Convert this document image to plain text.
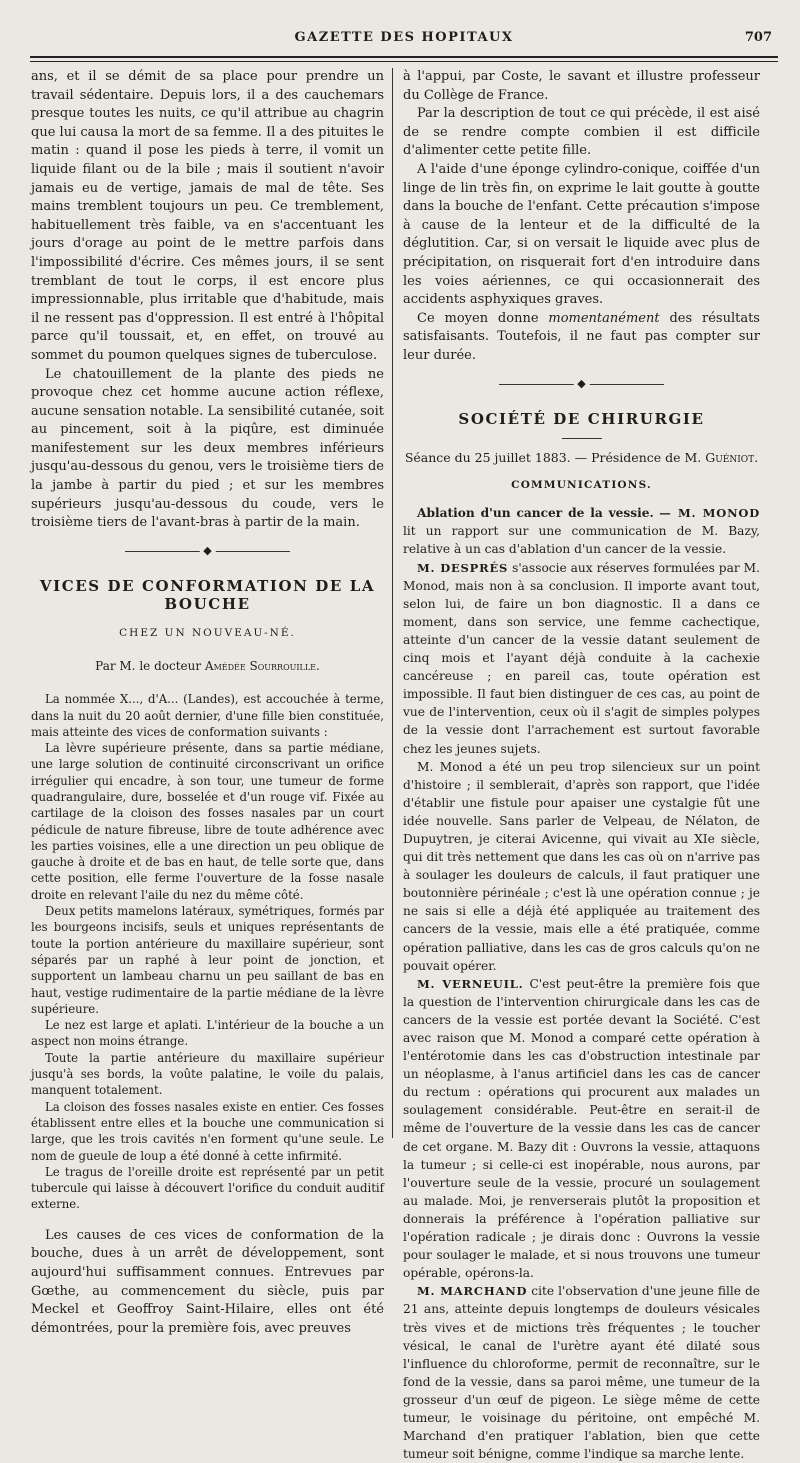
GAZETTE DES HOPITAUX	707

ans, et il se démit de sa place pour prendre un travail sédentaire. Depuis lors, il a des cauchemars presque toutes les nuits, ce qu'il attribue au chagrin que lui causa la mort de sa femme. Il a des pituites le matin : quand il pose les pieds à terre, il vomit un liquide filant ou de la bile ; mais il soutient n'avoir jamais eu de vertige, jamais de mal de tête. Ses mains tremblent toujours un peu. Ce tremblement, habituellement très faible, va en s'accentuant les jours d'orage au point de le mettre parfois dans l'impossibilité d'écrire. Ces mêmes jours, il se sent tremblant de tout le corps, il est encore plus impressionnable, plus irritable que d'habitude, mais il ne ressent pas d'oppression. Il est entré à l'hôpital parce qu'il toussait, et, en effet, on trouvé au sommet du poumon quelques signes de tuberculose.

Le chatouillement de la plante des pieds ne provoque chez cet homme aucune action réflexe, aucune sensation notable. La sensibilité cutanée, soit au pincement, soit à la piqûre, est diminuée manifestement sur les deux membres inférieurs jusqu'au-dessous du genou, vers le troisième tiers de la jambe à partir du pied ; et sur les membres supérieurs jusqu'au-dessous du coude, vers le troisième tiers de l'avant-bras à partir de la main.

◆
VICES DE CONFORMATION DE LA BOUCHE
CHEZ UN NOUVEAU-NÉ.
Par M. le docteur Amédée Sourrouille.

La nommée X..., d'A... (Landes), est accouchée à terme, dans la nuit du 20 août dernier, d'une fille bien constituée, mais atteinte des vices de conformation suivants :

La lèvre supérieure présente, dans sa partie médiane, une large solution de continuité circonscrivant un orifice irrégulier qui encadre, à son tour, une tumeur de forme quadrangulaire, dure, bosselée et d'un rouge vif. Fixée au cartilage de la cloison des fosses nasales par un court pédicule de nature fibreuse, libre de toute adhérence avec les parties voisines, elle a une direction un peu oblique de gauche à droite et de bas en haut, de telle sorte que, dans cette position, elle ferme l'ouverture de la fosse nasale droite en relevant l'aile du nez du même côté.

Deux petits mamelons latéraux, symétriques, formés par les bourgeons incisifs, seuls et uniques représentants de toute la portion antérieure du maxillaire supérieur, sont séparés par un raphé à leur point de jonction, et supportent un lambeau charnu un peu saillant de bas en haut, vestige rudimentaire de la partie médiane de la lèvre supérieure.

Le nez est large et aplati. L'intérieur de la bouche a un aspect non moins étrange.

Toute la partie antérieure du maxillaire supérieur jusqu'à ses bords, la voûte palatine, le voile du palais, manquent totalement.

La cloison des fosses nasales existe en entier. Ces fosses établissent entre elles et la bouche une communication si large, que les trois cavités n'en forment qu'une seule. Le nom de gueule de loup a été donné à cette infirmité.

Le tragus de l'oreille droite est représenté par un petit tubercule qui laisse à découvert l'orifice du conduit auditif externe.

Les causes de ces vices de conformation de la bouche, dues à un arrêt de développement, sont aujourd'hui suffisamment connues. Entrevues par Gœthe, au commencement du siècle, puis par Meckel et Geoffroy Saint-Hilaire, elles ont été démontrées, pour la première fois, avec preuves

à l'appui, par Coste, le savant et illustre professeur du Collège de France.

Par la description de tout ce qui précède, il est aisé de se rendre compte combien il est difficile d'alimenter cette petite fille.

A l'aide d'une éponge cylindro-conique, coiffée d'un linge de lin très fin, on exprime le lait goutte à goutte dans la bouche de l'enfant. Cette précaution s'impose à cause de la lenteur et de la difficulté de la déglutition. Car, si on versait le liquide avec plus de précipitation, on risquerait fort d'en introduire dans les voies aériennes, ce qui occasionnerait des accidents asphyxiques graves.

Ce moyen donne momentanément des résultats satisfaisants. Toutefois, il ne faut pas compter sur leur durée.

◆
SOCIÉTÉ DE CHIRURGIE
Séance du 25 juillet 1883. — Présidence de M. Guéniot.
COMMUNICATIONS.

Ablation d'un cancer de la vessie. — M. MONOD lit un rapport sur une communication de M. Bazy, relative à un cas d'ablation d'un cancer de la vessie.

M. DESPRÉS s'associe aux réserves formulées par M. Monod, mais non à sa conclusion. Il importe avant tout, selon lui, de faire un bon diagnostic. Il a dans ce moment, dans son service, une femme cachectique, atteinte d'un cancer de la vessie datant seulement de cinq mois et l'ayant déjà conduite à la cachexie cancéreuse ; en pareil cas, toute opération est impossible. Il faut bien distinguer de ces cas, au point de vue de l'intervention, ceux où il s'agit de simples polypes de la vessie dont l'arrachement est surtout favorable chez les jeunes sujets.

M. Monod a été un peu trop silencieux sur un point d'histoire ; il semblerait, d'après son rapport, que l'idée d'établir une fistule pour apaiser une cystalgie fût une idée nouvelle. Sans parler de Velpeau, de Nélaton, de Dupuytren, je citerai Avicenne, qui vivait au XIe siècle, qui dit très nettement que dans les cas où on n'arrive pas à soulager les douleurs de calculs, il faut pratiquer une boutonnière périnéale ; c'est là une opération connue ; je ne sais si elle a déjà été appliquée au traitement des cancers de la vessie, mais elle a été pratiquée, comme opération palliative, dans les cas de gros calculs qu'on ne pouvait opérer.

M. VERNEUIL. C'est peut-être la première fois que la question de l'intervention chirurgicale dans les cas de cancers de la vessie est portée devant la Société. C'est avec raison que M. Monod a comparé cette opération à l'entérotomie dans les cas d'obstruction intestinale par un néoplasme, à l'anus artificiel dans les cas de cancer du rectum : opérations qui procurent aux malades un soulagement considérable. Peut-être en serait-il de même de l'ouverture de la vessie dans les cas de cancer de cet organe. M. Bazy dit : Ouvrons la vessie, attaquons la tumeur ; si celle-ci est inopérable, nous aurons, par l'ouverture seule de la vessie, procuré un soulagement au malade. Moi, je renverserais plutôt la proposition et donnerais la préférence à l'opération palliative sur l'opération radicale ; je dirais donc : Ouvrons la vessie pour soulager le malade, et si nous trouvons une tumeur opérable, opérons-la.

M. MARCHAND cite l'observation d'une jeune fille de 21 ans, atteinte depuis longtemps de douleurs vésicales très vives et de mictions très fréquentes ; le toucher vésical, le canal de l'urètre ayant été dilaté sous l'influence du chloroforme, permit de reconnaître, sur le fond de la vessie, dans sa paroi même, une tumeur de la grosseur d'un œuf de pigeon. Le siège même de cette tumeur, le voisinage du péritoine, ont empêché M. Marchand d'en pratiquer l'ablation, bien que cette tumeur soit bénigne, comme l'indique sa marche lente.
